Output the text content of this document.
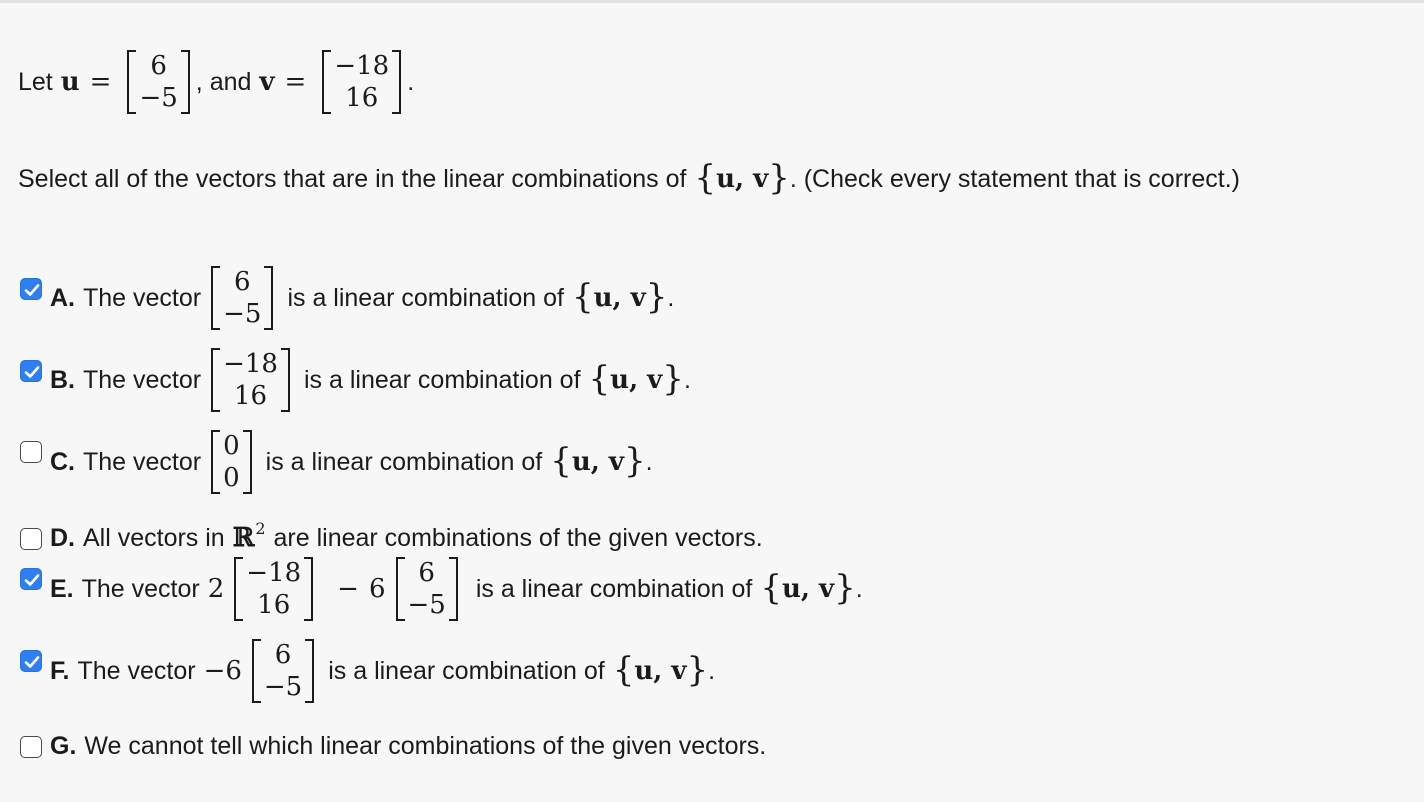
Let u =
6
−5
, and v =
−18
16
.
Select all of the vectors that are in the linear combinations of { u, v } . (Check every statement that is correct.)
A. The vector
6
−5
is a linear combination of { u, v } .
B. The vector
−18
16
is a linear combination of { u, v } .
C. The vector
0
0
is a linear combination of { u, v } .
D. All vectors in ℝ 2 are linear combinations of the given vectors.
E. The vector 2
−18
16
− 6
6
−5
is a linear combination of { u, v } .
F. The vector −6
6
−5
is a linear combination of { u, v } .
G. We cannot tell which linear combinations of the given vectors.
